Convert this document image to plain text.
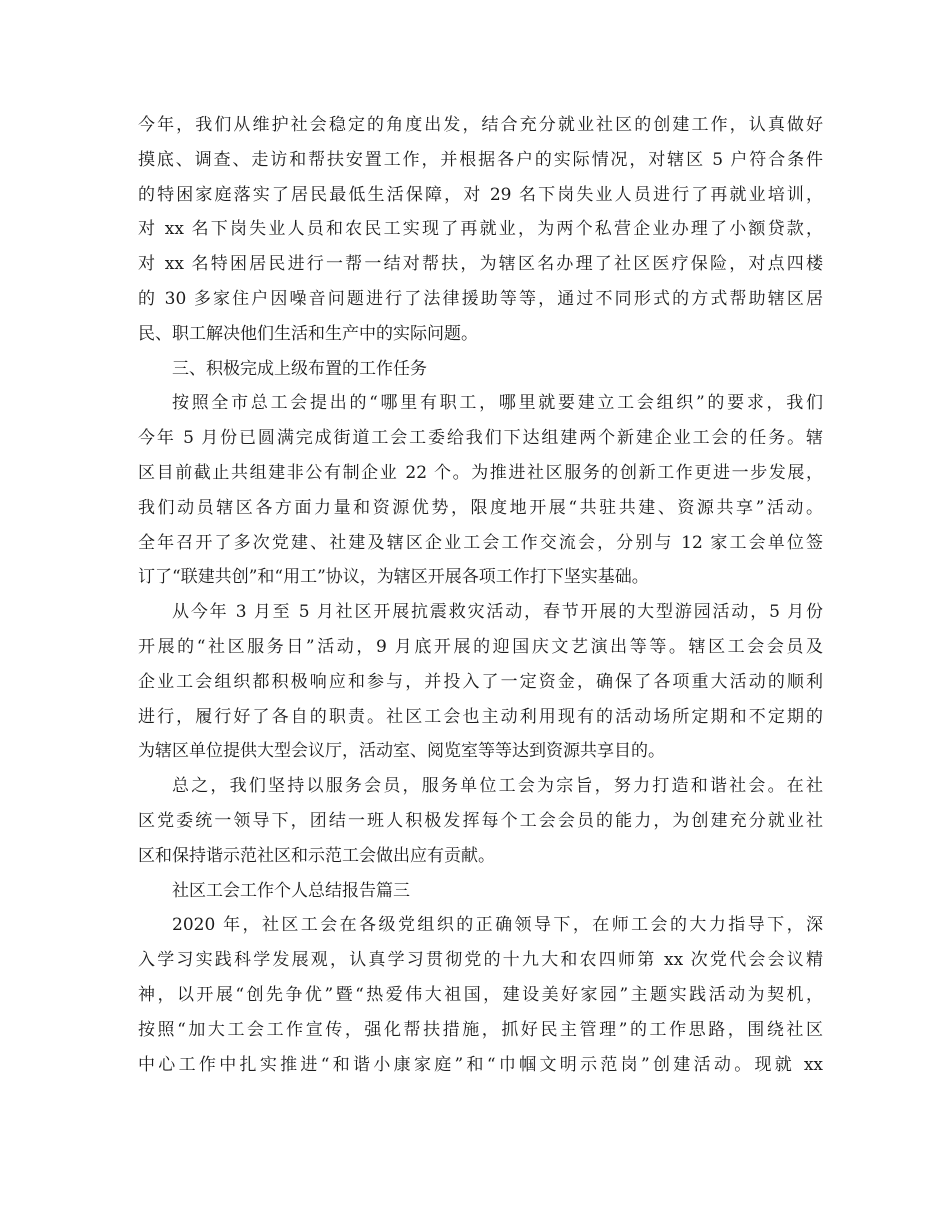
今年，我们从维护社会稳定的角度出发，结合充分就业社区的创建工作，认真做好
摸底、调查、走访和帮扶安置工作，并根据各户的实际情况，对辖区 5 户符合条件
的特困家庭落实了居民最低生活保障，对 29 名下岗失业人员进行了再就业培训，
对 xx 名下岗失业人员和农民工实现了再就业，为两个私营企业办理了小额贷款，
对 xx 名特困居民进行一帮一结对帮扶，为辖区名办理了社区医疗保险，对点四楼
的 30 多家住户因噪音问题进行了法律援助等等，通过不同形式的方式帮助辖区居
民、职工解决他们生活和生产中的实际问题。
三、积极完成上级布置的工作任务
按照全市总工会提出的“哪里有职工，哪里就要建立工会组织”的要求，我们
今年 5 月份已圆满完成街道工会工委给我们下达组建两个新建企业工会的任务。辖
区目前截止共组建非公有制企业 22 个。为推进社区服务的创新工作更进一步发展，
我们动员辖区各方面力量和资源优势，限度地开展“共驻共建、资源共享”活动。
全年召开了多次党建、社建及辖区企业工会工作交流会，分别与 12 家工会单位签
订了“联建共创”和“用工”协议，为辖区开展各项工作打下坚实基础。
从今年 3 月至 5 月社区开展抗震救灾活动，春节开展的大型游园活动，5 月份
开展的“社区服务日”活动，9 月底开展的迎国庆文艺演出等等。辖区工会会员及
企业工会组织都积极响应和参与，并投入了一定资金，确保了各项重大活动的顺利
进行，履行好了各自的职责。社区工会也主动利用现有的活动场所定期和不定期的
为辖区单位提供大型会议厅，活动室、阅览室等等达到资源共享目的。
总之，我们坚持以服务会员，服务单位工会为宗旨，努力打造和谐社会。在社
区党委统一领导下，团结一班人积极发挥每个工会会员的能力，为创建充分就业社
区和保持谐示范社区和示范工会做出应有贡献。
社区工会工作个人总结报告篇三
2020 年，社区工会在各级党组织的正确领导下，在师工会的大力指导下，深
入学习实践科学发展观，认真学习贯彻党的十九大和农四师第 xx 次党代会会议精
神，以开展“创先争优”暨“热爱伟大祖国，建设美好家园”主题实践活动为契机，
按照“加大工会工作宣传，强化帮扶措施，抓好民主管理”的工作思路，围绕社区
中心工作中扎实推进“和谐小康家庭”和“巾帼文明示范岗”创建活动。现就 xx
